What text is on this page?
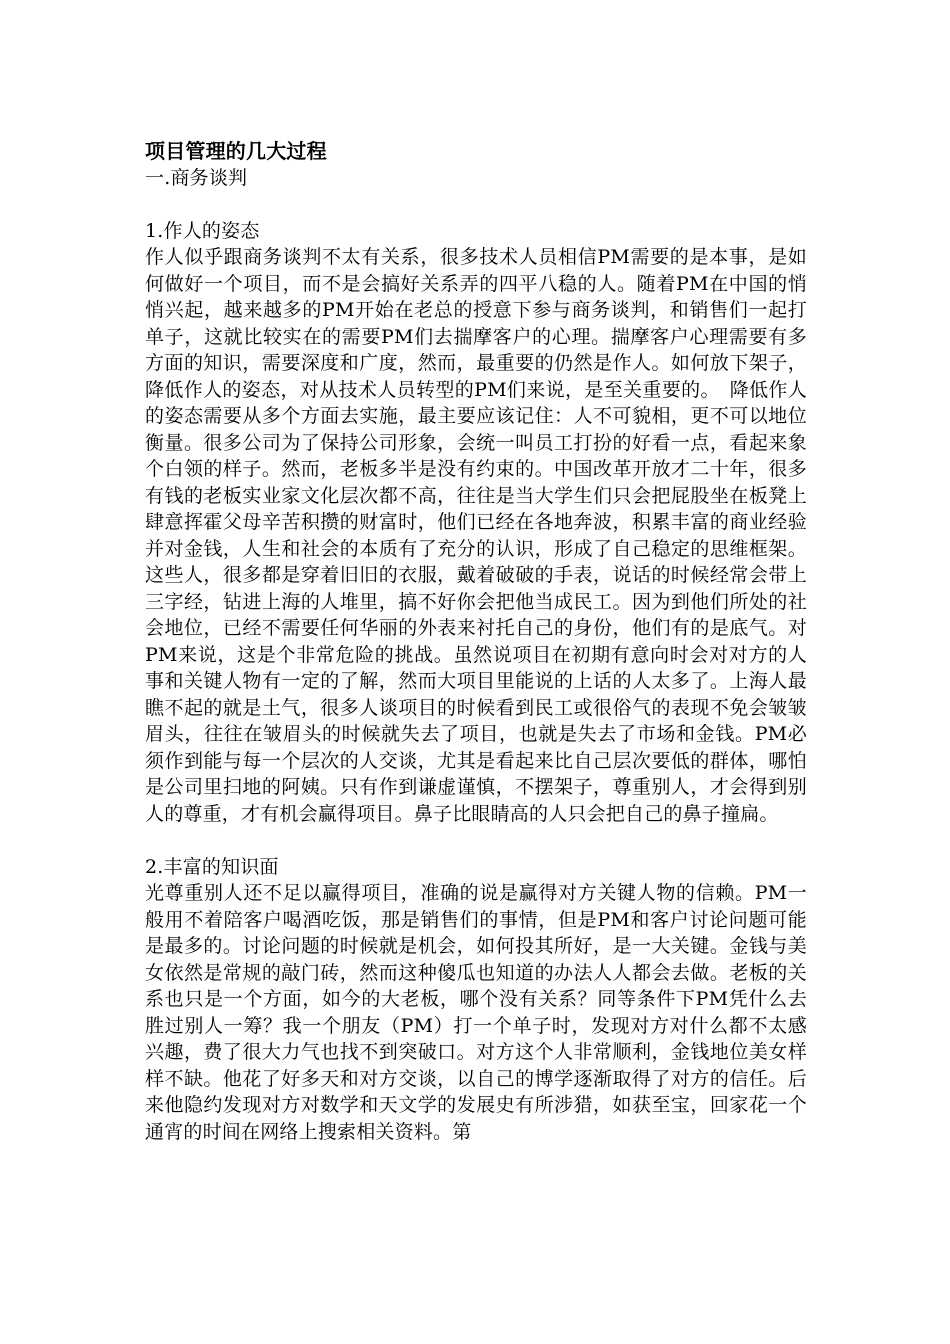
项目管理的几大过程
一.商务谈判
1.作人的姿态
作人似乎跟商务谈判不太有关系，很多技术人员相信PM需要的是本事，是如何做好一个项目，而不是会搞好关系弄的四平八稳的人。随着PM在中国的悄悄兴起，越来越多的PM开始在老总的授意下参与商务谈判，和销售们一起打单子，这就比较实在的需要PM们去揣摩客户的心理。揣摩客户心理需要有多方面的知识，需要深度和广度，然而，最重要的仍然是作人。如何放下架子，降低作人的姿态，对从技术人员转型的PM们来说，是至关重要的。　降低作人的姿态需要从多个方面去实施，最主要应该记住：人不可貌相，更不可以地位衡量。很多公司为了保持公司形象，会统一叫员工打扮的好看一点，看起来象个白领的样子。然而，老板多半是没有约束的。中国改革开放才二十年，很多有钱的老板实业家文化层次都不高，往往是当大学生们只会把屁股坐在板凳上肆意挥霍父母辛苦积攒的财富时，他们已经在各地奔波，积累丰富的商业经验并对金钱，人生和社会的本质有了充分的认识，形成了自己稳定的思维框架。这些人，很多都是穿着旧旧的衣服，戴着破破的手表，说话的时候经常会带上三字经，钻进上海的人堆里，搞不好你会把他当成民工。因为到他们所处的社会地位，已经不需要任何华丽的外表来衬托自己的身份，他们有的是底气。对PM来说，这是个非常危险的挑战。虽然说项目在初期有意向时会对对方的人事和关键人物有一定的了解，然而大项目里能说的上话的人太多了。上海人最瞧不起的就是土气，很多人谈项目的时候看到民工或很俗气的表现不免会皱皱眉头，往往在皱眉头的时候就失去了项目，也就是失去了市场和金钱。PM必须作到能与每一个层次的人交谈，尤其是看起来比自己层次要低的群体，哪怕是公司里扫地的阿姨。只有作到谦虚谨慎，不摆架子，尊重别人，才会得到别人的尊重，才有机会赢得项目。鼻子比眼睛高的人只会把自己的鼻子撞扁。
2.丰富的知识面
光尊重别人还不足以赢得项目，准确的说是赢得对方关键人物的信赖。PM一般用不着陪客户喝酒吃饭，那是销售们的事情，但是PM和客户讨论问题可能是最多的。讨论问题的时候就是机会，如何投其所好，是一大关键。金钱与美女依然是常规的敲门砖，然而这种傻瓜也知道的办法人人都会去做。老板的关系也只是一个方面，如今的大老板，哪个没有关系？同等条件下PM凭什么去胜过别人一筹？我一个朋友（PM）打一个单子时，发现对方对什么都不太感兴趣，费了很大力气也找不到突破口。对方这个人非常顺利，金钱地位美女样样不缺。他花了好多天和对方交谈，以自己的博学逐渐取得了对方的信任。后来他隐约发现对方对数学和天文学的发展史有所涉猎，如获至宝，回家花一个通宵的时间在网络上搜索相关资料。第
